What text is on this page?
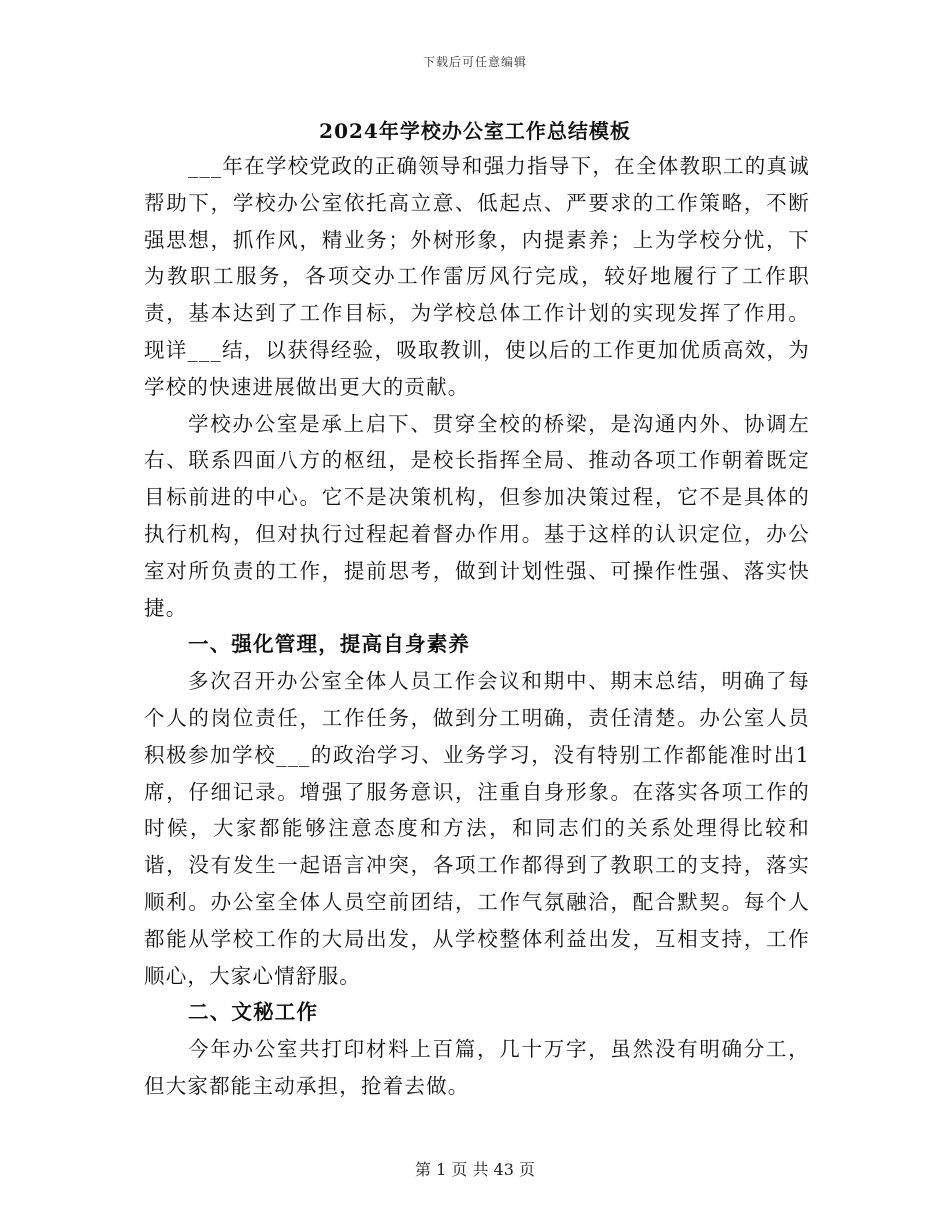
下载后可任意编辑
2024年学校办公室工作总结模板

___年在学校党政的正确领导和强力指导下，在全体教职工的真诚帮助下，学校办公室依托高立意、低起点、严要求的工作策略，不断强思想，抓作风，精业务；外树形象，内提素养；上为学校分忧，下为教职工服务，各项交办工作雷厉风行完成，较好地履行了工作职责，基本达到了工作目标，为学校总体工作计划的实现发挥了作用。现详___结，以获得经验，吸取教训，使以后的工作更加优质高效，为学校的快速进展做出更大的贡献。

学校办公室是承上启下、贯穿全校的桥梁，是沟通内外、协调左右、联系四面八方的枢纽，是校长指挥全局、推动各项工作朝着既定目标前进的中心。它不是决策机构，但参加决策过程，它不是具体的执行机构，但对执行过程起着督办作用。基于这样的认识定位，办公室对所负责的工作，提前思考，做到计划性强、可操作性强、落实快捷。

一、强化管理，提高自身素养

多次召开办公室全体人员工作会议和期中、期末总结，明确了每个人的岗位责任，工作任务，做到分工明确，责任清楚。办公室人员积极参加学校___的政治学习、业务学习，没有特别工作都能准时出1席，仔细记录。增强了服务意识，注重自身形象。在落实各项工作的时候，大家都能够注意态度和方法，和同志们的关系处理得比较和谐，没有发生一起语言冲突，各项工作都得到了教职工的支持，落实顺利。办公室全体人员空前团结，工作气氛融洽，配合默契。每个人都能从学校工作的大局出发，从学校整体利益出发，互相支持，工作顺心，大家心情舒服。

二、文秘工作

今年办公室共打印材料上百篇，几十万字，虽然没有明确分工，但大家都能主动承担，抢着去做。

第 1 页 共 43 页
